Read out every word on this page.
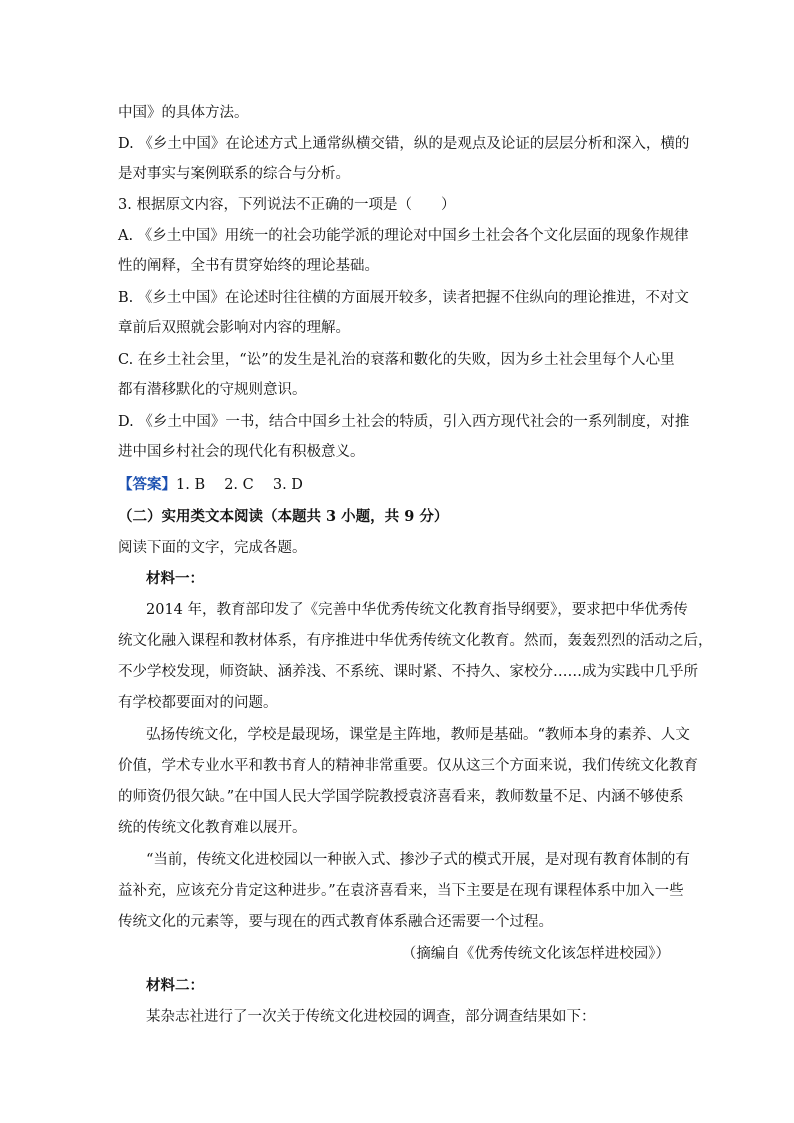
中国》的具体方法。
D. 《乡土中国》在论述方式上通常纵横交错，纵的是观点及论证的层层分析和深入，横的
是对事实与案例联系的综合与分析。
3. 根据原文内容，下列说法不正确的一项是（　　）
A. 《乡土中国》用统一的社会功能学派的理论对中国乡土社会各个文化层面的现象作规律
性的阐释，全书有贯穿始终的理论基础。
B. 《乡土中国》在论述时往往横的方面展开较多，读者把握不住纵向的理论推进，不对文
章前后双照就会影响对内容的理解。
C. 在乡土社会里，“讼”的发生是礼治的衰落和數化的失败，因为乡土社会里每个人心里
都有潜移默化的守规则意识。
D. 《乡土中国》一书，结合中国乡土社会的特质，引入西方现代社会的一系列制度，对推
进中国乡村社会的现代化有积极意义。
【答案】1. B　 2. C　 3. D
（二）实用类文本阅读（本题共 3 小题，共 9 分）
阅读下面的文字，完成各题。
材料一：
2014 年，教育部印发了《完善中华优秀传统文化教育指导纲要》，要求把中华优秀传
统文化融入课程和教材体系，有序推进中华优秀传统文化教育。然而，轰轰烈烈的活动之后，
不少学校发现，师资缺、涵养浅、不系统、课时紧、不持久、家校分……成为实践中几乎所
有学校都要面对的问题。
弘扬传统文化，学校是最现场，课堂是主阵地，教师是基础。“教师本身的素养、人文
价值，学术专业水平和教书育人的精神非常重要。仅从这三个方面来说，我们传统文化教育
的师资仍很欠缺。”在中国人民大学国学院教授袁济喜看来，教师数量不足、内涵不够使系
统的传统文化教育难以展开。
“当前，传统文化进校园以一种嵌入式、掺沙子式的模式开展，是对现有教育体制的有
益补充，应该充分肯定这种进步。”在袁济喜看来，当下主要是在现有课程体系中加入一些
传统文化的元素等，要与现在的西式教育体系融合还需要一个过程。
（摘编自《优秀传统文化该怎样进校园》）
材料二：
某杂志社进行了一次关于传统文化进校园的调查，部分调查结果如下：
